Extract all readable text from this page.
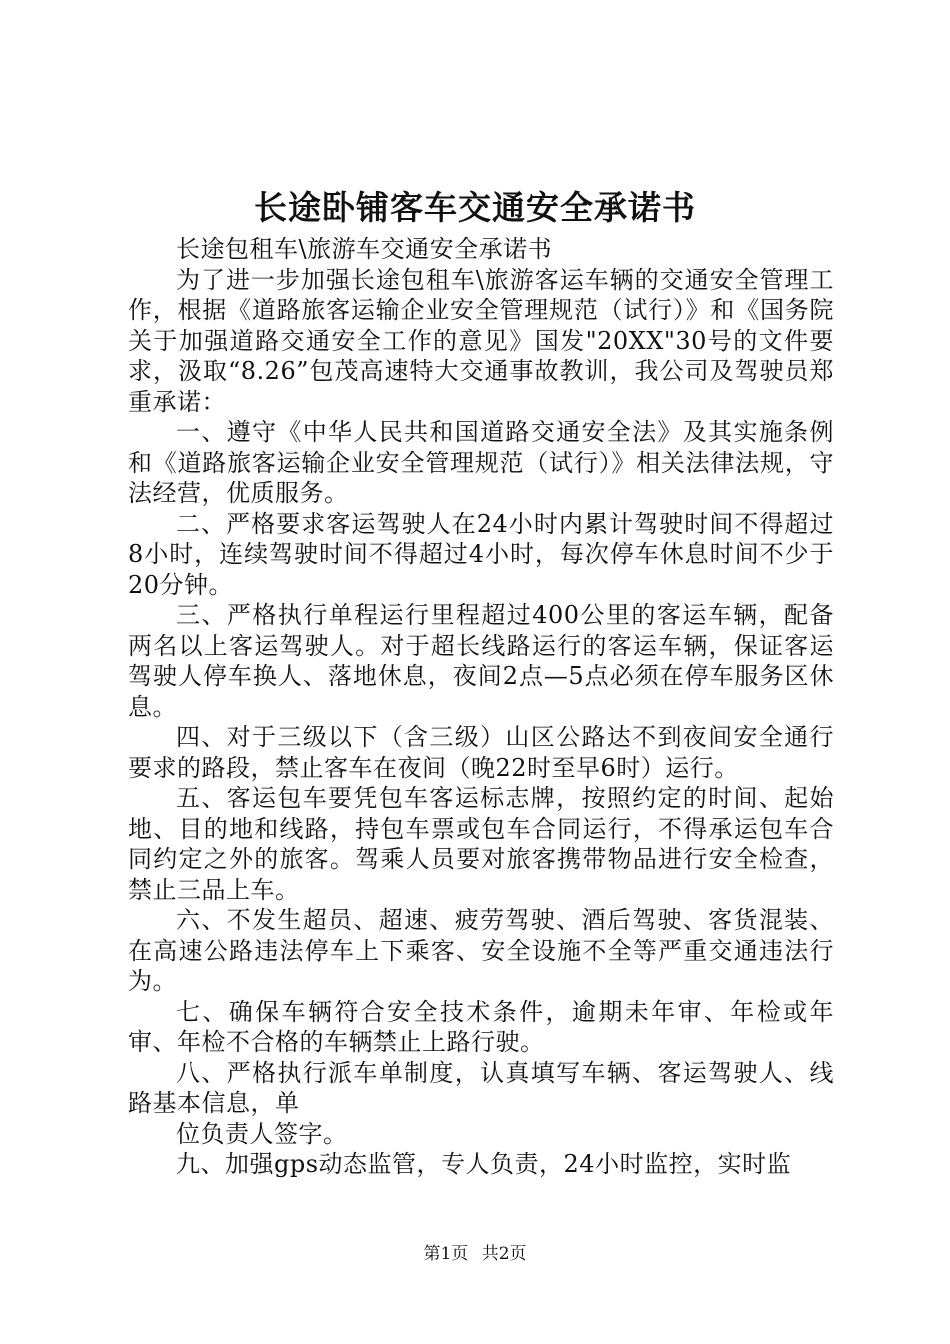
长途卧铺客车交通安全承诺书

长途包租车\旅游车交通安全承诺书

为了进一步加强长途包租车\旅游客运车辆的交通安全管理工作，根据《道路旅客运输企业安全管理规范（试行）》和《国务院关于加强道路交通安全工作的意见》国发"20XX"30号的文件要求，汲取“8.26”包茂高速特大交通事故教训，我公司及驾驶员郑重承诺：

一、遵守《中华人民共和国道路交通安全法》及其实施条例和《道路旅客运输企业安全管理规范（试行）》相关法律法规，守法经营，优质服务。

二、严格要求客运驾驶人在24小时内累计驾驶时间不得超过8小时，连续驾驶时间不得超过4小时，每次停车休息时间不少于20分钟。

三、严格执行单程运行里程超过400公里的客运车辆，配备两名以上客运驾驶人。对于超长线路运行的客运车辆，保证客运驾驶人停车换人、落地休息，夜间2点—5点必须在停车服务区休息。

四、对于三级以下（含三级）山区公路达不到夜间安全通行要求的路段，禁止客车在夜间（晚22时至早6时）运行。

五、客运包车要凭包车客运标志牌，按照约定的时间、起始地、目的地和线路，持包车票或包车合同运行，不得承运包车合同约定之外的旅客。驾乘人员要对旅客携带物品进行安全检查，禁止三品上车。

六、不发生超员、超速、疲劳驾驶、酒后驾驶、客货混装、在高速公路违法停车上下乘客、安全设施不全等严重交通违法行为。

七、确保车辆符合安全技术条件，逾期未年审、年检或年审、年检不合格的车辆禁止上路行驶。

八、严格执行派车单制度，认真填写车辆、客运驾驶人、线路基本信息，单

位负责人签字。

九、加强gps动态监管，专人负责，24小时监控，实时监

第1页 共2页
